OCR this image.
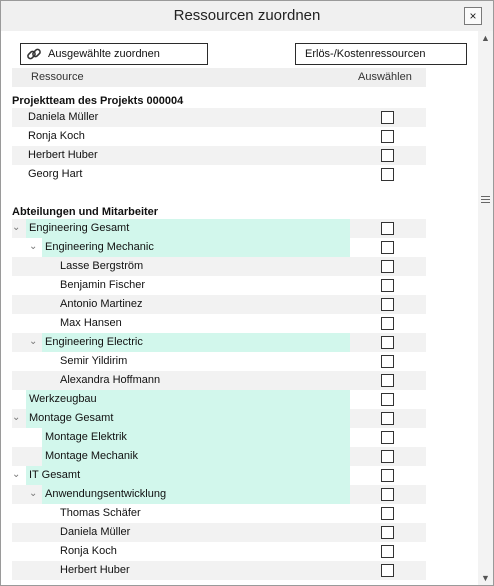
Ressourcen zuordnen	×
Ausgewählte zuordnen	Erlös-/Kostenressourcen
Ressource	Auswählen
Projektteam des Projekts 000004
Daniela Müller
Ronja Koch
Herbert Huber
Georg Hart
Abteilungen und Mitarbeiter
⌄ Engineering Gesamt
⌄ Engineering Mechanic
Lasse Bergström
Benjamin Fischer
Antonio Martinez
Max Hansen
⌄ Engineering Electric
Semir Yildirim
Alexandra Hoffmann
Werkzeugbau
⌄ Montage Gesamt
Montage Elektrik
Montage Mechanik
⌄ IT Gesamt
⌄ Anwendungsentwicklung
Thomas Schäfer
Daniela Müller
Ronja Koch
Herbert Huber
▲
▼
